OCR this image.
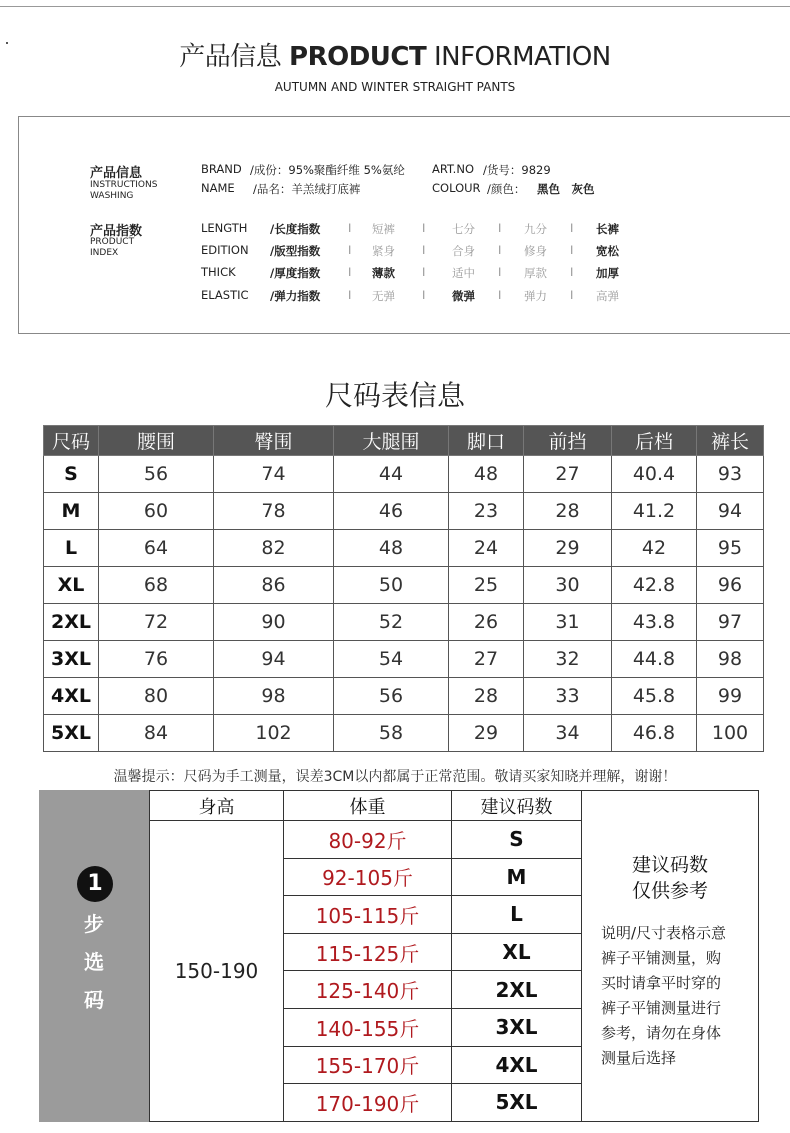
产品信息 PRODUCT INFORMATION
AUTUMN AND WINTER STRAIGHT PANTS
产品信息
INSTRUCTIONS
WASHING
BRAND /成份：95%聚酯纤维 5%氨纶
NAME /品名：羊羔绒打底裤
ART.NO /货号：9829
COLOUR /颜色： 黑色　灰色
产品指数
PRODUCT
INDEX
LENGTH /长度指数	短裤	七分	九分	长裤
EDITION /版型指数	紧身	合身	修身	宽松
THICK	/厚度指数	薄款	适中	厚款	加厚
ELASTIC /弹力指数	无弹	微弹	弹力	高弹
I	I	I	I
I	I	I	I
I	I	I	I
I	I	I	I
尺码表信息
尺码	腰围	臀围	大腿围	脚口	前挡	后档	裤长
S	56	74	44	48	27	40.4	93
M	60	78	46	23	28	41.2	94
L	64	82	48	24	29	42	95
XL	68	86	50	25	30	42.8	96
2XL	72	90	52	26	31	43.8	97
3XL	76	94	54	27	32	44.8	98
4XL	80	98	56	28	33	45.8	99
5XL	84	102	58	29	34	46.8	100
温馨提示：尺码为手工测量，误差3CM以内都属于正常范围。敬请买家知晓并理解，谢谢！
1
步
选
码
身高	体重	建议码数
150-190	80-92斤	S
	92-105斤	M
	105-115斤	L
	115-125斤	XL
	125-140斤	2XL
	140-155斤	3XL
	155-170斤	4XL
	170-190斤	5XL
建议码数
仅供参考
说明/尺寸表格示意
裤子平铺测量，购
买时请拿平时穿的
裤子平铺测量进行
参考，请勿在身体
测量后选择
